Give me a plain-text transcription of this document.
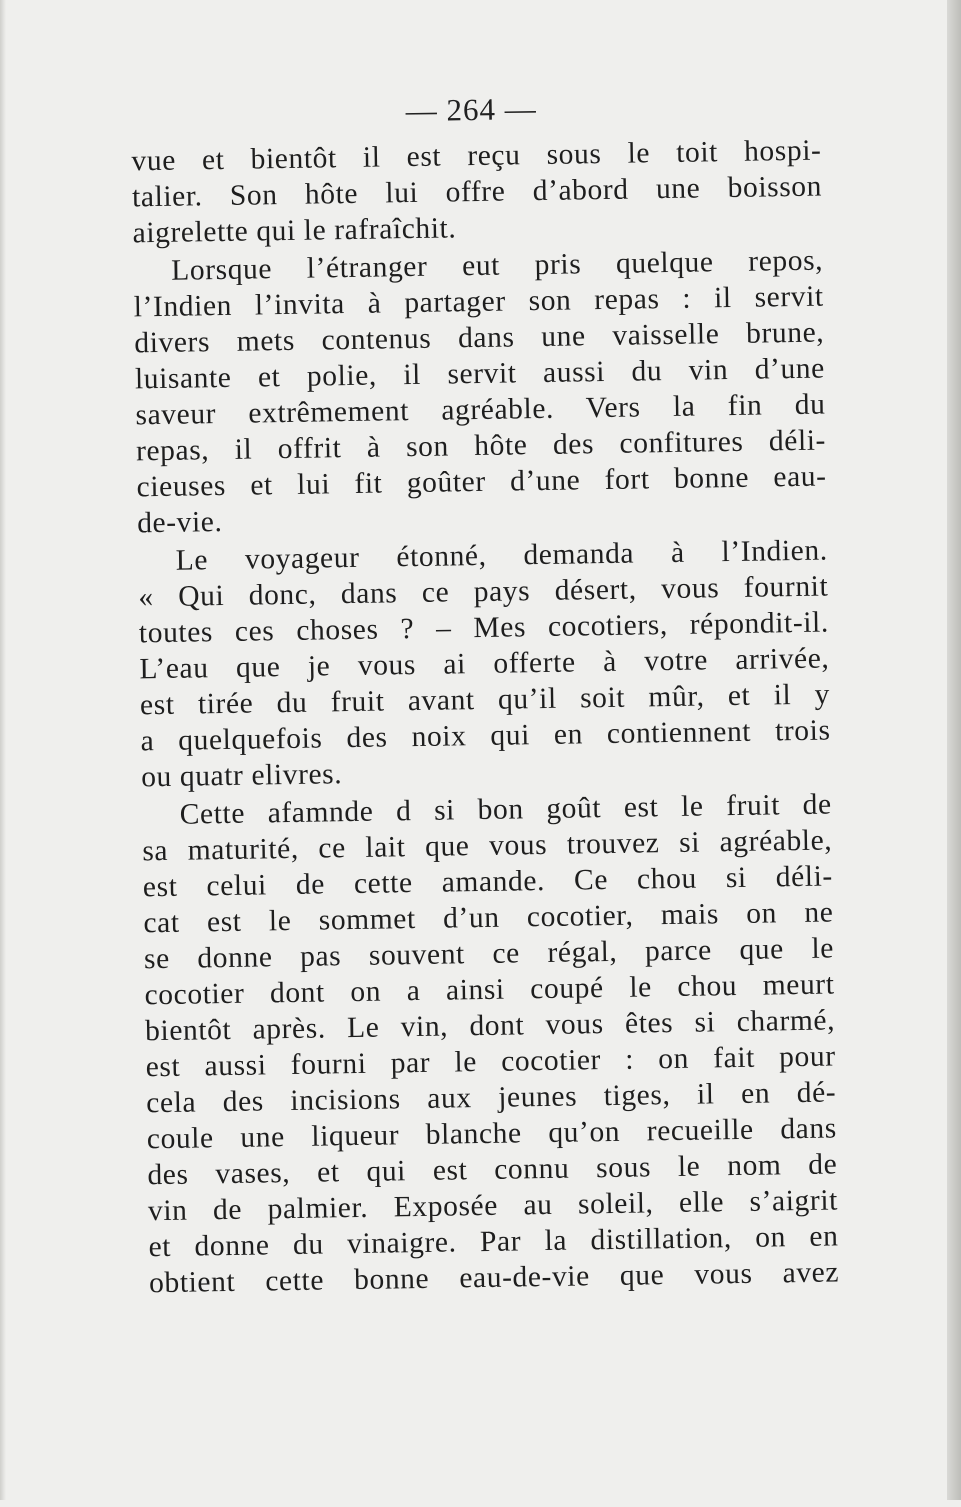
— 264 —
vue et bientôt il est reçu sous le toit hospi-
talier. Son hôte lui offre d’abord une boisson
aigrelette qui le rafraîchit.
Lorsque l’étranger eut pris quelque repos,
l’Indien l’invita à partager son repas : il servit
divers mets contenus dans une vaisselle brune,
luisante et polie, il servit aussi du vin d’une
saveur extrêmement agréable. Vers la fin du
repas, il offrit à son hôte des confitures déli-
cieuses et lui fit goûter d’une fort bonne eau-
de-vie.
Le voyageur étonné, demanda à l’Indien.
« Qui donc, dans ce pays désert, vous fournit
toutes ces choses ? – Mes cocotiers, répondit-il.
L’eau que je vous ai offerte à votre arrivée,
est tirée du fruit avant qu’il soit mûr, et il y
a quelquefois des noix qui en contiennent trois
ou quatr elivres.
Cette afamnde d si bon goût est le fruit de
sa maturité, ce lait que vous trouvez si agréable,
est celui de cette amande. Ce chou si déli-
cat est le sommet d’un cocotier, mais on ne
se donne pas souvent ce régal, parce que le
cocotier dont on a ainsi coupé le chou meurt
bientôt après. Le vin, dont vous êtes si charmé,
est aussi fourni par le cocotier : on fait pour
cela des incisions aux jeunes tiges, il en dé-
coule une liqueur blanche qu’on recueille dans
des vases, et qui est connu sous le nom de
vin de palmier. Exposée au soleil, elle s’aigrit
et donne du vinaigre. Par la distillation, on en
obtient cette bonne eau-de-vie que vous avez
